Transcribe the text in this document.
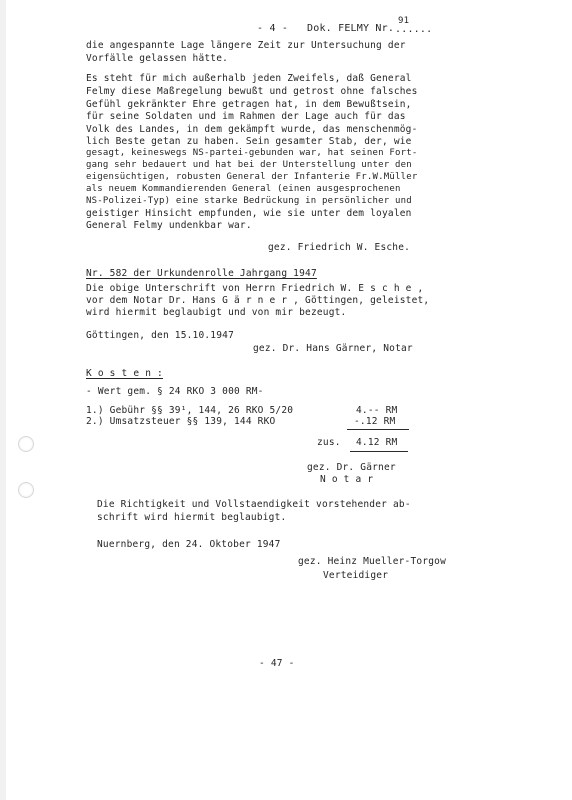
- 4 - Dok. FELMY Nr.
91
......
die angespannte Lage längere Zeit zur Untersuchung der
Vorfälle gelassen hätte.
Es steht für mich außerhalb jeden Zweifels, daß General
Felmy diese Maßregelung bewußt und getrost ohne falsches
Gefühl gekränkter Ehre getragen hat, in dem Bewußtsein,
für seine Soldaten und im Rahmen der Lage auch für das
Volk des Landes, in dem gekämpft wurde, das menschenmög-
lich Beste getan zu haben. Sein gesamter Stab, der, wie
gesagt, keineswegs NS-partei-gebunden war, hat seinen Fort-
gang sehr bedauert und hat bei der Unterstellung unter den
eigensüchtigen, robusten General der Infanterie Fr.W.Müller
als neuem Kommandierenden General (einen ausgesprochenen
NS-Polizei-Typ) eine starke Bedrückung in persönlicher und
geistiger Hinsicht empfunden, wie sie unter dem loyalen
General Felmy undenkbar war.
gez. Friedrich W. Esche.
Nr. 582 der Urkundenrolle Jahrgang 1947
Die obige Unterschrift von Herrn Friedrich W. E s c h e ,
vor dem Notar Dr. Hans G ä r n e r , Göttingen, geleistet,
wird hiermit beglaubigt und von mir bezeugt.
Göttingen, den 15.10.1947
gez. Dr. Hans Gärner, Notar
K o s t e n :
- Wert gem. § 24 RKO 3 000 RM-
1.) Gebühr §§ 39¹, 144, 26 RKO 5/20	4.-- RM
2.) Umsatzsteuer §§ 139, 144 RKO	-.12 RM
zus. 4.12 RM
gez. Dr. Gärner
N o t a r
Die Richtigkeit und Vollstaendigkeit vorstehender ab-
schrift wird hiermit beglaubigt.
Nuernberg, den 24. Oktober 1947
gez. Heinz Mueller-Torgow
Verteidiger
- 47 -
